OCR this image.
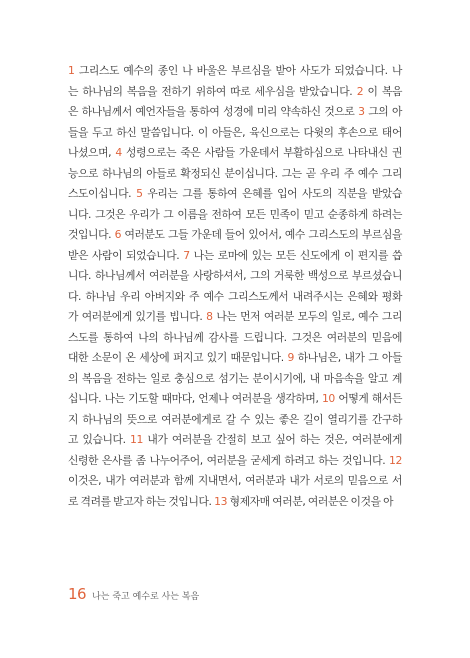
1 그리스도 예수의 종인 나 바울은 부르심을 받아 사도가 되었습니다. 나
는 하나님의 복음을 전하기 위하여 따로 세우심을 받았습니다. 2 이 복음
은 하나님께서 예언자들을 통하여 성경에 미리 약속하신 것으로 3 그의 아
들을 두고 하신 말씀입니다. 이 아들은, 육신으로는 다윗의 후손으로 태어
나셨으며, 4 성령으로는 죽은 사람들 가운데서 부활하심으로 나타내신 권
능으로 하나님의 아들로 확정되신 분이십니다. 그는 곧 우리 주 예수 그리
스도이십니다. 5 우리는 그를 통하여 은혜를 입어 사도의 직분을 받았습
니다. 그것은 우리가 그 이름을 전하여 모든 민족이 믿고 순종하게 하려는
것입니다. 6 여러분도 그들 가운데 들어 있어서, 예수 그리스도의 부르심을
받은 사람이 되었습니다. 7 나는 로마에 있는 모든 신도에게 이 편지를 씁
니다. 하나님께서 여러분을 사랑하셔서, 그의 거룩한 백성으로 부르셨습니
다. 하나님 우리 아버지와 주 예수 그리스도께서 내려주시는 은혜와 평화
가 여러분에게 있기를 빕니다. 8 나는 먼저 여러분 모두의 일로, 예수 그리
스도를 통하여 나의 하나님께 감사를 드립니다. 그것은 여러분의 믿음에
대한 소문이 온 세상에 퍼지고 있기 때문입니다. 9 하나님은, 내가 그 아들
의 복음을 전하는 일로 충심으로 섬기는 분이시기에, 내 마음속을 알고 계
십니다. 나는 기도할 때마다, 언제나 여러분을 생각하며, 10 어떻게 해서든
지 하나님의 뜻으로 여러분에게로 갈 수 있는 좋은 길이 열리기를 간구하
고 있습니다. 11 내가 여러분을 간절히 보고 싶어 하는 것은, 여러분에게
신령한 은사를 좀 나누어주어, 여러분을 굳세게 하려고 하는 것입니다. 12
이것은, 내가 여러분과 함께 지내면서, 여러분과 내가 서로의 믿음으로 서
로 격려를 받고자 하는 것입니다. 13 형제자매 여러분, 여러분은 이것을 아
16 나는 죽고 예수로 사는 복음
